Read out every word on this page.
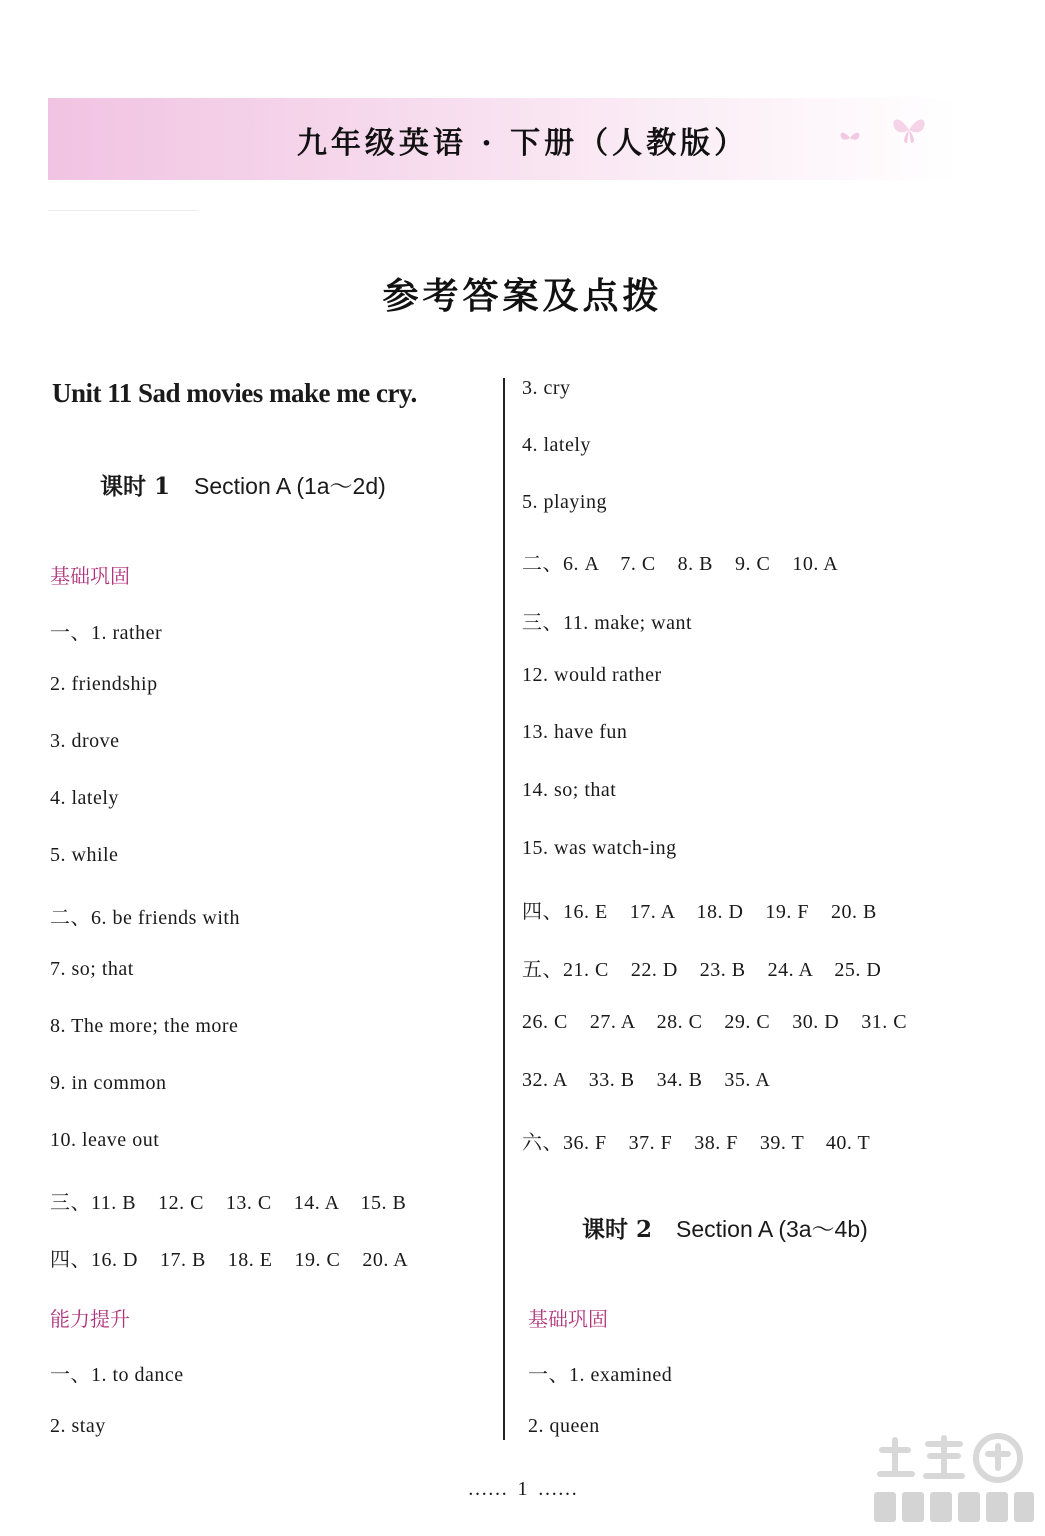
九年级英语 · 下册（人教版）
参考答案及点拨
Unit 11 Sad movies make me cry.
课时 1 Section A (1a～2d)
基础巩固
一、1. rather
2. friendship
3. drove
4. lately
5. while
二、6. be friends with
7. so; that
8. The more; the more
9. in common
10. leave out
三、11. B    12. C    13. C    14. A    15. B
四、16. D    17. B    18. E    19. C    20. A
能力提升
一、1. to dance
2. stay
3. cry
4. lately
5. playing
二、6. A    7. C    8. B    9. C    10. A
三、11. make; want
12. would rather
13. have fun
14. so; that
15. was watch-ing
四、16. E    17. A    18. D    19. F    20. B
五、21. C    22. D    23. B    24. A    25. D
26. C    27. A    28. C    29. C    30. D    31. C
32. A    33. B    34. B    35. A
六、36. F    37. F    38. F    39. T    40. T
课时 2 Section A (3a～4b)
基础巩固
一、1. examined
2. queen
……  1  ……
